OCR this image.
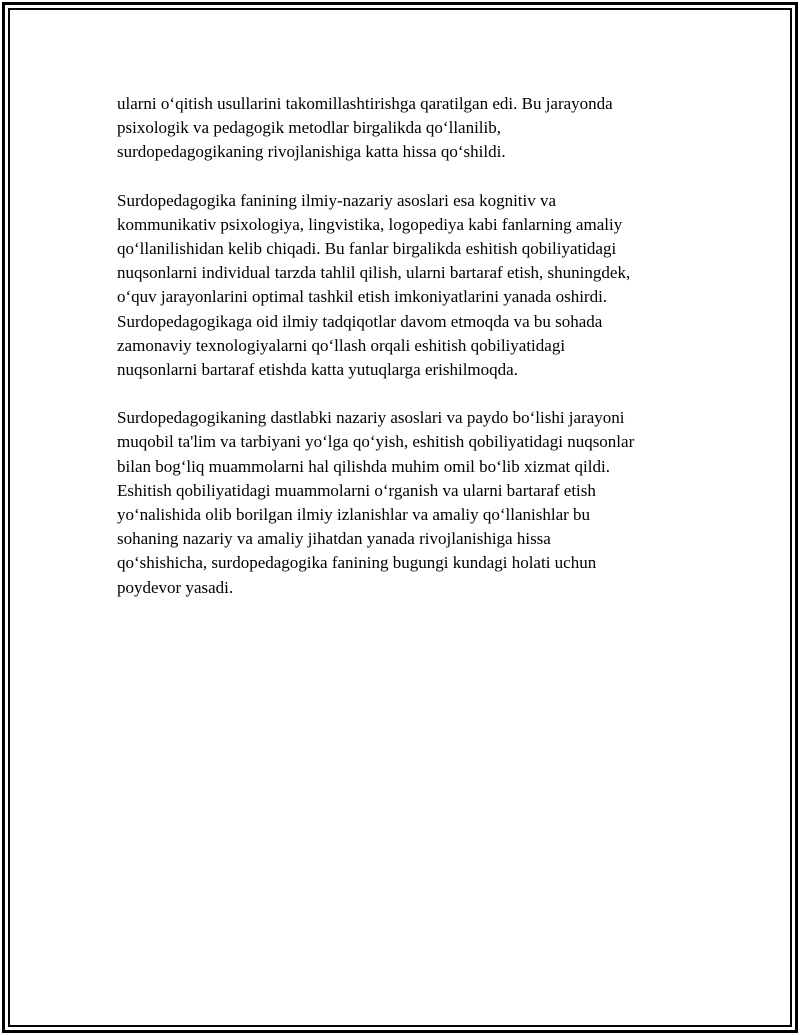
ularni o‘qitish usullarini takomillashtirishga qaratilgan edi. Bu jarayonda
psixologik va pedagogik metodlar birgalikda qo‘llanilib,
surdopedagogikaning rivojlanishiga katta hissa qo‘shildi.

Surdopedagogika fanining ilmiy-nazariy asoslari esa kognitiv va
kommunikativ psixologiya, lingvistika, logopediya kabi fanlarning amaliy
qo‘llanilishidan kelib chiqadi. Bu fanlar birgalikda eshitish qobiliyatidagi
nuqsonlarni individual tarzda tahlil qilish, ularni bartaraf etish, shuningdek,
o‘quv jarayonlarini optimal tashkil etish imkoniyatlarini yanada oshirdi.
Surdopedagogikaga oid ilmiy tadqiqotlar davom etmoqda va bu sohada
zamonaviy texnologiyalarni qo‘llash orqali eshitish qobiliyatidagi
nuqsonlarni bartaraf etishda katta yutuqlarga erishilmoqda.

Surdopedagogikaning dastlabki nazariy asoslari va paydo bo‘lishi jarayoni
muqobil ta'lim va tarbiyani yo‘lga qo‘yish, eshitish qobiliyatidagi nuqsonlar
bilan bog‘liq muammolarni hal qilishda muhim omil bo‘lib xizmat qildi.
Eshitish qobiliyatidagi muammolarni o‘rganish va ularni bartaraf etish
yo‘nalishida olib borilgan ilmiy izlanishlar va amaliy qo‘llanishlar bu
sohaning nazariy va amaliy jihatdan yanada rivojlanishiga hissa
qo‘shishicha, surdopedagogika fanining bugungi kundagi holati uchun
poydevor yasadi.
